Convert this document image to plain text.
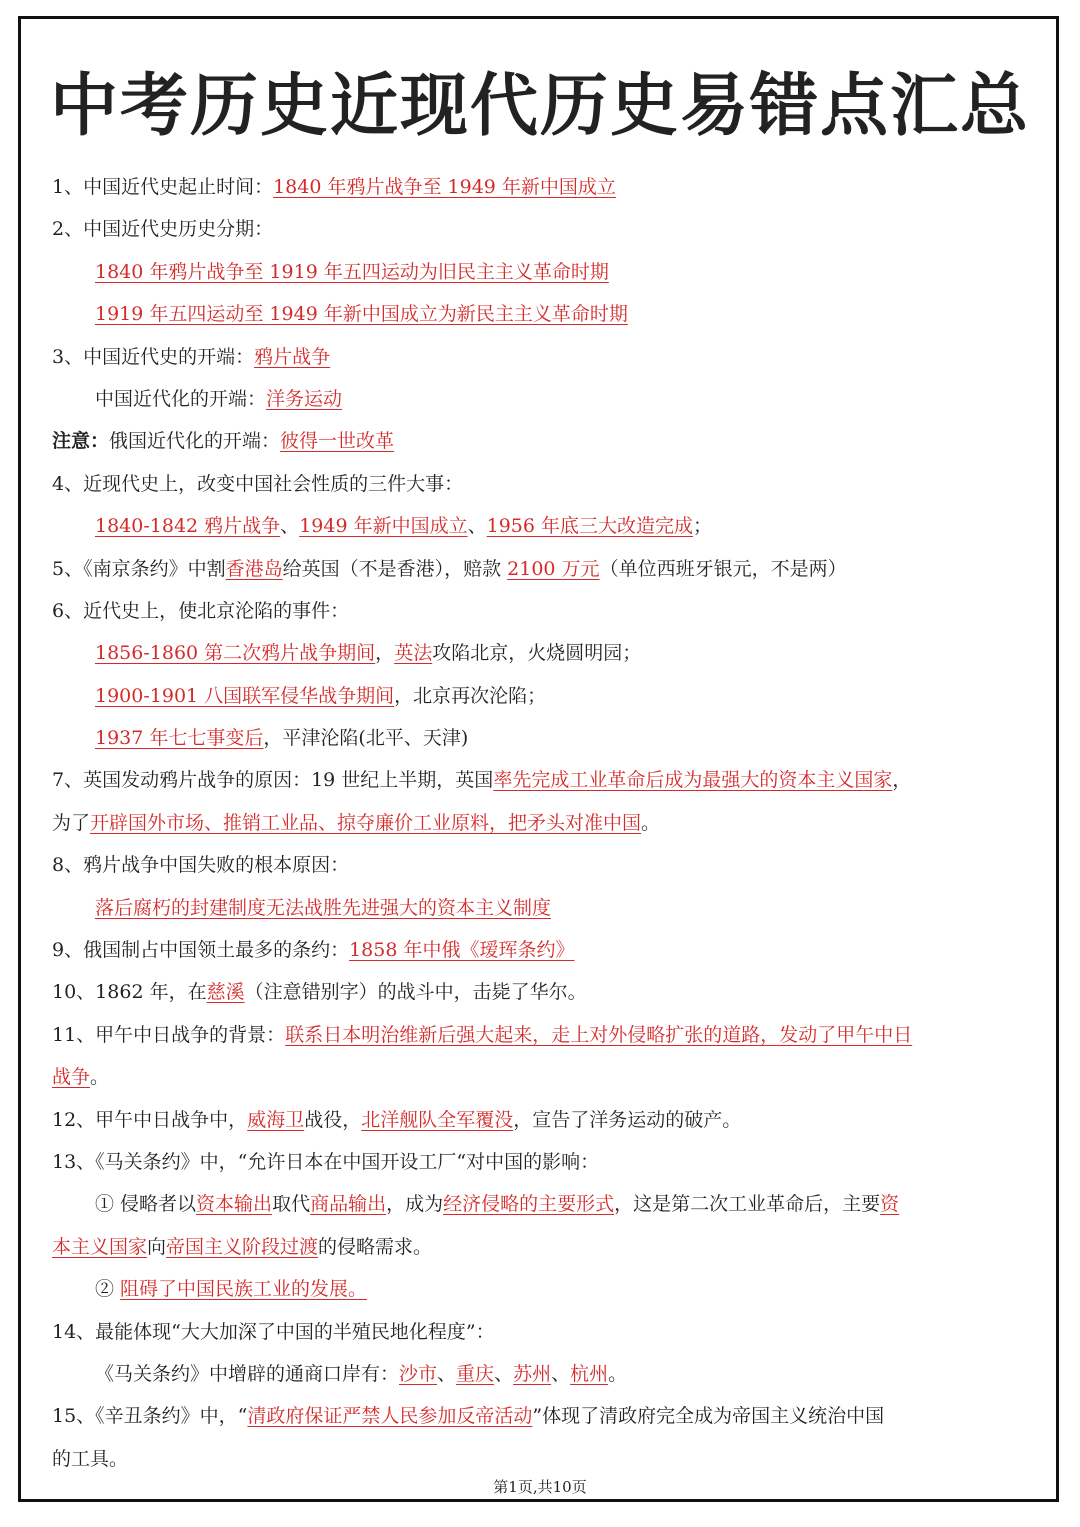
中考历史近现代历史易错点汇总
1、中国近代史起止时间：1840 年鸦片战争至 1949 年新中国成立
2、中国近代史历史分期：
1840 年鸦片战争至 1919 年五四运动为旧民主主义革命时期
1919 年五四运动至 1949 年新中国成立为新民主主义革命时期
3、中国近代史的开端：鸦片战争
中国近代化的开端：洋务运动
注意：俄国近代化的开端：彼得一世改革
4、近现代史上，改变中国社会性质的三件大事：
1840-1842 鸦片战争、1949 年新中国成立、1956 年底三大改造完成；
5、《南京条约》中割香港岛给英国（不是香港），赔款 2100 万元（单位西班牙银元，不是两）
6、近代史上，使北京沦陷的事件：
1856-1860 第二次鸦片战争期间，英法攻陷北京，火烧圆明园；
1900-1901 八国联军侵华战争期间，北京再次沦陷；
1937 年七七事变后，平津沦陷(北平、天津)
7、英国发动鸦片战争的原因：19 世纪上半期，英国率先完成工业革命后成为最强大的资本主义国家，
为了开辟国外市场、推销工业品、掠夺廉价工业原料，把矛头对准中国。
8、鸦片战争中国失败的根本原因：
落后腐朽的封建制度无法战胜先进强大的资本主义制度
9、俄国制占中国领土最多的条约：1858 年中俄《瑷珲条约》
10、1862 年，在慈溪（注意错别字）的战斗中，击毙了华尔。
11、甲午中日战争的背景：联系日本明治维新后强大起来，走上对外侵略扩张的道路，发动了甲午中日
战争。
12、甲午中日战争中，威海卫战役，北洋舰队全军覆没，宣告了洋务运动的破产。
13、《马关条约》中，“允许日本在中国开设工厂“对中国的影响：
① 侵略者以资本输出取代商品输出，成为经济侵略的主要形式，这是第二次工业革命后，主要资
本主义国家向帝国主义阶段过渡的侵略需求。
② 阻碍了中国民族工业的发展。
14、最能体现“大大加深了中国的半殖民地化程度”：
《马关条约》中增辟的通商口岸有：沙市、重庆、苏州、杭州。
15、《辛丑条约》中，“清政府保证严禁人民参加反帝活动”体现了清政府完全成为帝国主义统治中国
的工具。
第1页,共10页
